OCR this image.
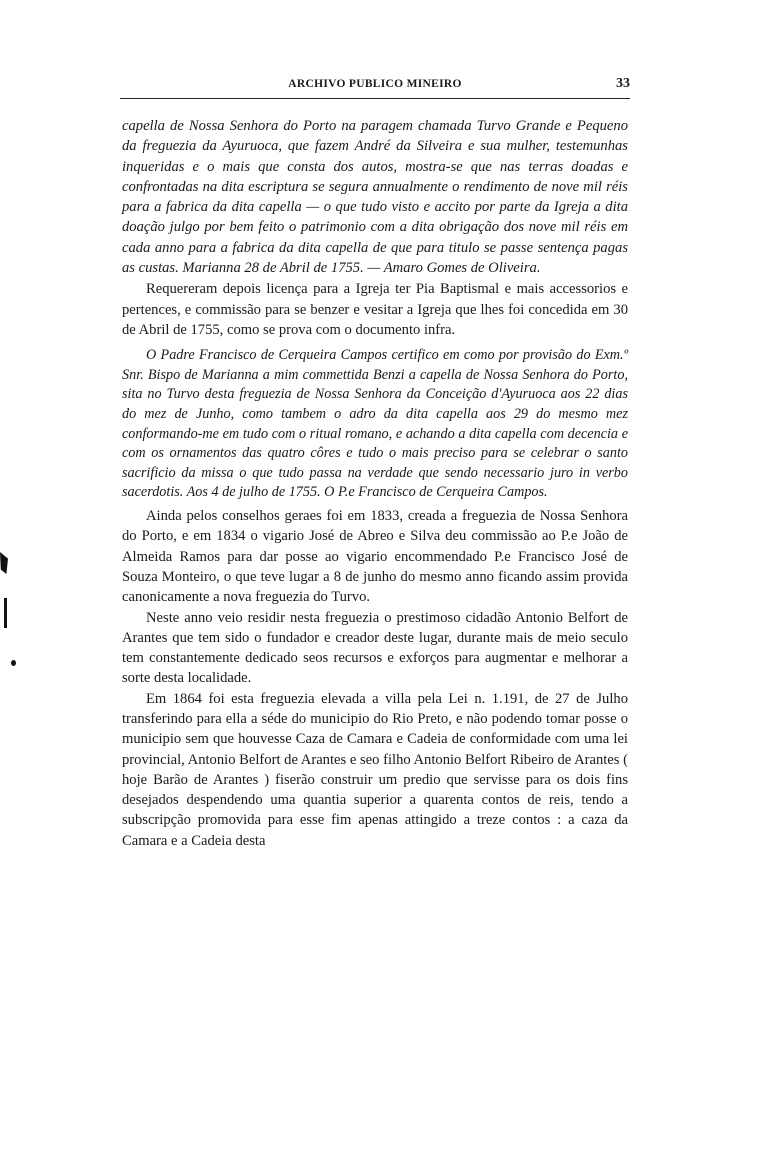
ARCHIVO PUBLICO MINEIRO	33

capella de Nossa Senhora do Porto na paragem chamada Turvo Grande e Pequeno da freguezia da Ayuruoca, que fazem André da Silveira e sua mulher, testemunhas inqueridas e o mais que consta dos autos, mostra-se que nas terras doadas e confrontadas na dita escriptura se segura annualmente o rendimento de nove mil réis para a fabrica da dita capella — o que tudo visto e accito por parte da Igreja a dita doação julgo por bem feito o patrimonio com a dita obrigação dos nove mil réis em cada anno para a fabrica da dita capella de que para titulo se passe sentença pagas as custas. Marianna 28 de Abril de 1755. — Amaro Gomes de Oliveira.

Requereram depois licença para a Igreja ter Pia Baptismal e mais accessorios e pertences, e commissão para se benzer e vesitar a Igreja que lhes foi concedida em 30 de Abril de 1755, como se prova com o documento infra.

O Padre Francisco de Cerqueira Campos certifico em como por provisão do Exm.º Snr. Bispo de Marianna a mim commettida Benzi a capella de Nossa Senhora do Porto, sita no Turvo desta freguezia de Nossa Senhora da Conceição d'Ayuruoca aos 22 dias do mez de Junho, como tambem o adro da dita capella aos 29 do mesmo mez conformando-me em tudo com o ritual romano, e achando a dita capella com decencia e com os ornamentos das quatro côres e tudo o mais preciso para se celebrar o santo sacrificio da missa o que tudo passa na verdade que sendo necessario juro in verbo sacerdotis. Aos 4 de julho de 1755. O P.e Francisco de Cerqueira Campos.

Ainda pelos conselhos geraes foi em 1833, creada a freguezia de Nossa Senhora do Porto, e em 1834 o vigario José de Abreo e Silva deu commissão ao P.e João de Almeida Ramos para dar posse ao vigario encommendado P.e Francisco José de Souza Monteiro, o que teve lugar a 8 de junho do mesmo anno ficando assim provida canonicamente a nova freguezia do Turvo.

Neste anno veio residir nesta freguezia o prestimoso cidadão Antonio Belfort de Arantes que tem sido o fundador e creador deste lugar, durante mais de meio seculo tem constantemente dedicado seos recursos e exforços para augmentar e melhorar a sorte desta localidade.

Em 1864 foi esta freguezia elevada a villa pela Lei n. 1.191, de 27 de Julho transferindo para ella a séde do municipio do Rio Preto, e não podendo tomar posse o municipio sem que houvesse Caza de Camara e Cadeia de conformidade com uma lei provincial, Antonio Belfort de Arantes e seo filho Antonio Belfort Ribeiro de Arantes ( hoje Barão de Arantes ) fiserão construir um predio que servisse para os dois fins desejados despendendo uma quantia superior a quarenta contos de reis, tendo a subscripção promovida para esse fim apenas attingido a treze contos : a caza da Camara e a Cadeia desta
